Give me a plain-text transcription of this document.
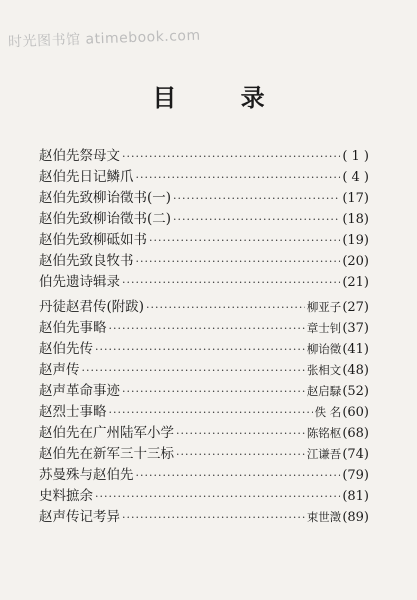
时光图书馆 atimebook.com
目 录
赵伯先祭母文 ·····	( 1 )
赵伯先日记鳞爪 ·····	( 4 )
赵伯先致柳诒徵书(一) ·····	(17)
赵伯先致柳诒徵书(二) ·····	(18)
赵伯先致柳砥如书 ·····	(19)
赵伯先致良牧书 ·····	(20)
伯先遗诗辑录 ·····	(21)
丹徒赵君传(附跋) ·····	柳亚子 (27)
赵伯先事略 ·····	章士钊 (37)
赵伯先传 ·····	柳诒徵 (41)
赵声传 ·····	张相文 (48)
赵声革命事迹 ·····	赵启騄 (52)
赵烈士事略 ·····	佚 名 (60)
赵伯先在广州陆军小学 ·····	陈铭枢 (68)
赵伯先在新军三十三标 ·····	江谦吾 (74)
苏曼殊与赵伯先 ·····	(79)
史料摭余 ·····	(81)
赵声传记考异 ·····	束世澂 (89)
